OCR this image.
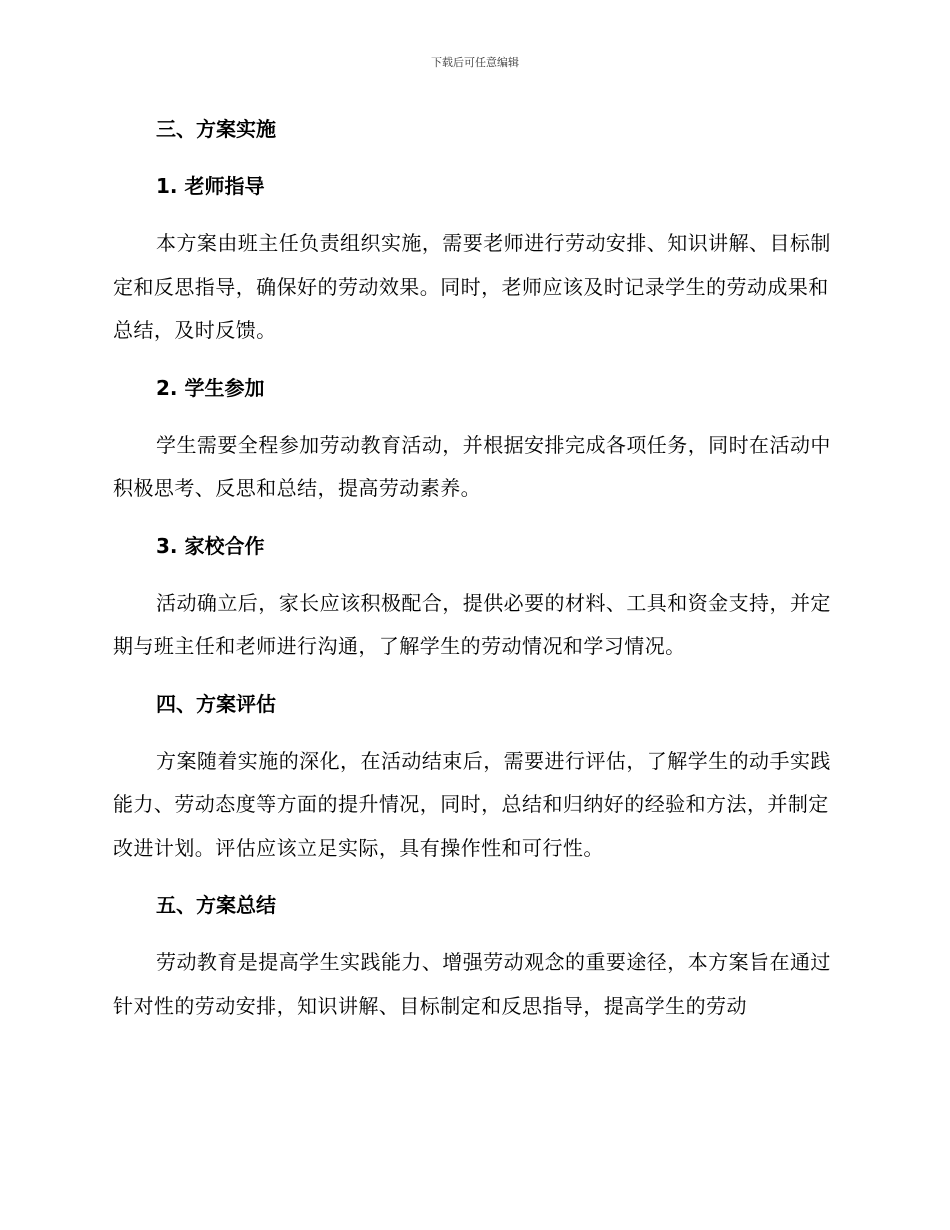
下载后可任意编辑
三、方案实施
1. 老师指导
本方案由班主任负责组织实施，需要老师进行劳动安排、知识讲解、目标制定和反思指导，确保好的劳动效果。同时，老师应该及时记录学生的劳动成果和总结，及时反馈。
2. 学生参加
学生需要全程参加劳动教育活动，并根据安排完成各项任务，同时在活动中积极思考、反思和总结，提高劳动素养。
3. 家校合作
活动确立后，家长应该积极配合，提供必要的材料、工具和资金支持，并定期与班主任和老师进行沟通，了解学生的劳动情况和学习情况。
四、方案评估
方案随着实施的深化，在活动结束后，需要进行评估，了解学生的动手实践能力、劳动态度等方面的提升情况，同时，总结和归纳好的经验和方法，并制定改进计划。评估应该立足实际，具有操作性和可行性。
五、方案总结
劳动教育是提高学生实践能力、增强劳动观念的重要途径，本方案旨在通过针对性的劳动安排，知识讲解、目标制定和反思指导，提高学生的劳动
